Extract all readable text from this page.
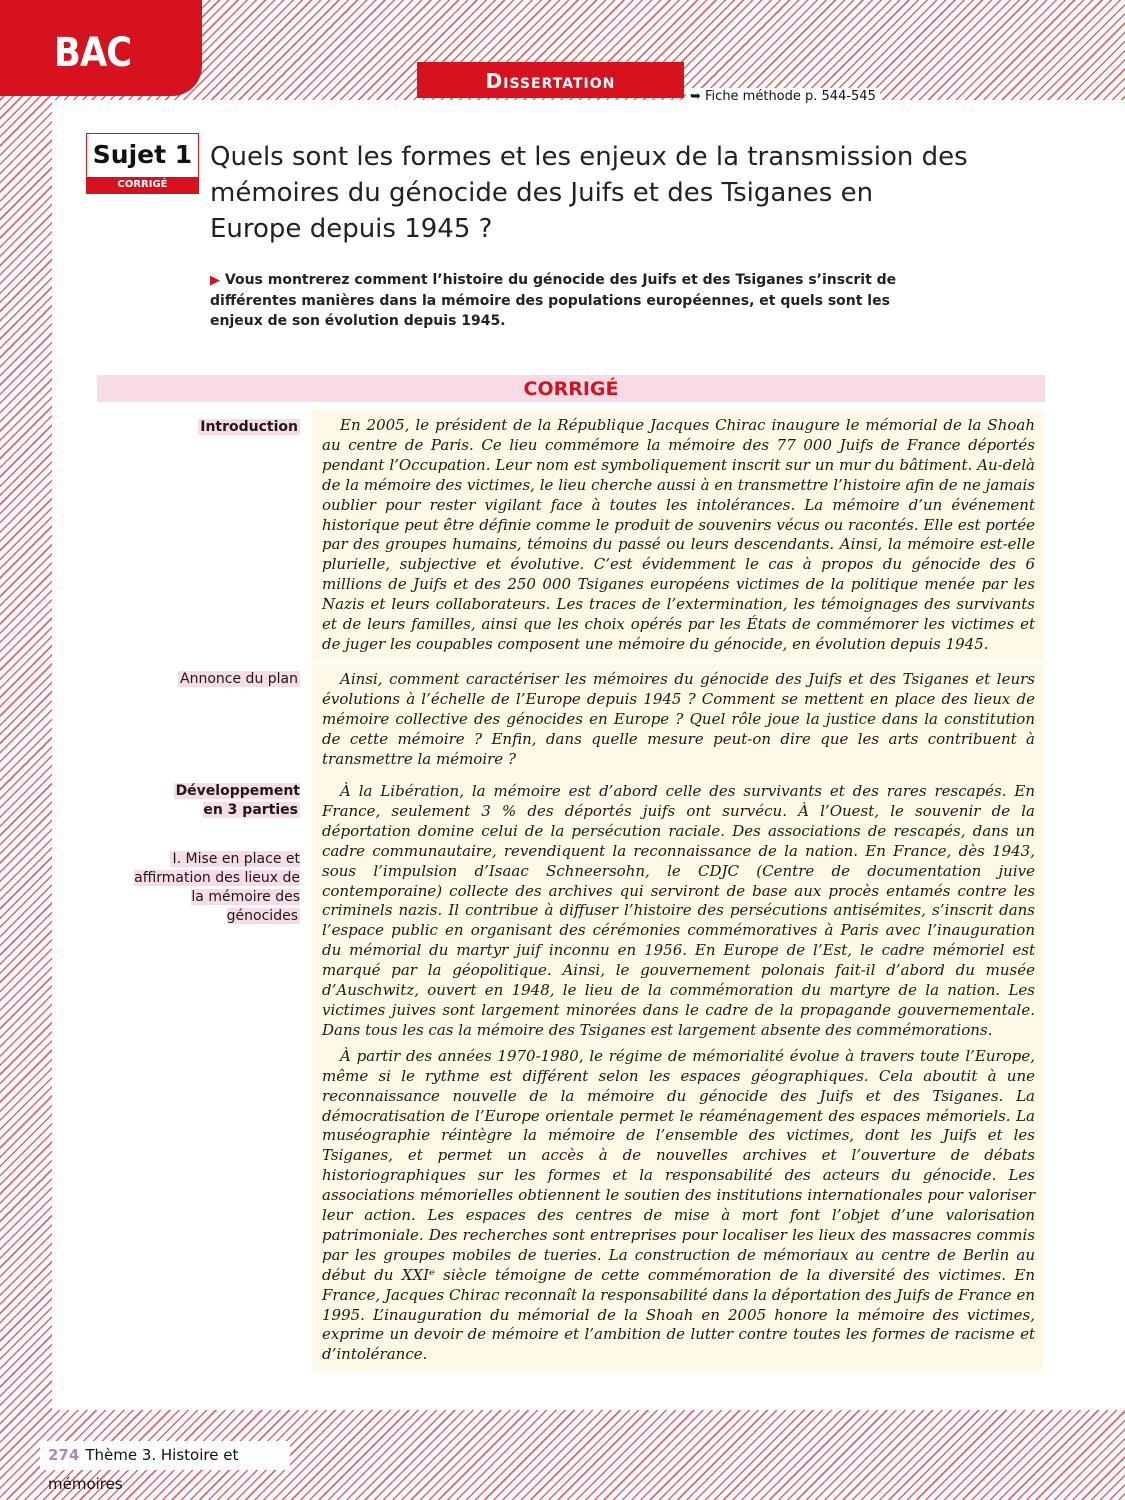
BAC
Dissertation
➥ Fiche méthode p. 544-545
Sujet 1
CORRIGÉ
Quels sont les formes et les enjeux de la transmission des mémoires du génocide des Juifs et des Tsiganes en Europe depuis 1945 ?
▶ Vous montrerez comment l’histoire du génocide des Juifs et des Tsiganes s’inscrit de différentes manières dans la mémoire des populations européennes, et quels sont les enjeux de son évolution depuis 1945.
CORRIGÉ
Introduction	En 2005, le président de la République Jacques Chirac inaugure le mémorial de la Shoah au centre de Paris. Ce lieu commémore la mémoire des 77 000 Juifs de France déportés pendant l’Occupation. Leur nom est symboliquement inscrit sur un mur du bâtiment. Au-delà de la mémoire des victimes, le lieu cherche aussi à en transmettre l’histoire afin de ne jamais oublier pour rester vigilant face à toutes les intolérances. La mémoire d’un événement historique peut être définie comme le produit de souvenirs vécus ou racontés. Elle est portée par des groupes humains, témoins du passé ou leurs descendants. Ainsi, la mémoire est-elle plurielle, subjective et évolutive. C’est évidemment le cas à propos du génocide des 6 millions de Juifs et des 250 000 Tsiganes européens victimes de la politique menée par les Nazis et leurs collaborateurs. Les traces de l’extermination, les témoignages des survivants et de leurs familles, ainsi que les choix opérés par les États de commémorer les victimes et de juger les coupables composent une mémoire du génocide, en évolution depuis 1945.

Annonce du plan	Ainsi, comment caractériser les mémoires du génocide des Juifs et des Tsiganes et leurs évolutions à l’échelle de l’Europe depuis 1945 ? Comment se mettent en place des lieux de mémoire collective des génocides en Europe ? Quel rôle joue la justice dans la constitution de cette mémoire ? Enfin, dans quelle mesure peut-on dire que les arts contribuent à transmettre la mémoire ?

Développement en 3 parties
I. Mise en place et affirmation des lieux de la mémoire des génocides

À la Libération, la mémoire est d’abord celle des survivants et des rares rescapés. En France, seulement 3 % des déportés juifs ont survécu. À l’Ouest, le souvenir de la déportation domine celui de la persécution raciale. Des associations de rescapés, dans un cadre communautaire, revendiquent la reconnaissance de la nation. En France, dès 1943, sous l’impulsion d’Isaac Schneersohn, le CDJC (Centre de documentation juive contemporaine) collecte des archives qui serviront de base aux procès entamés contre les criminels nazis. Il contribue à diffuser l’histoire des persécutions antisémites, s’inscrit dans l’espace public en organisant des cérémonies commémoratives à Paris avec l’inauguration du mémorial du martyr juif inconnu en 1956. En Europe de l’Est, le cadre mémoriel est marqué par la géopolitique. Ainsi, le gouvernement polonais fait-il d’abord du musée d’Auschwitz, ouvert en 1948, le lieu de la commémoration du martyre de la nation. Les victimes juives sont largement minorées dans le cadre de la propagande gouvernementale. Dans tous les cas la mémoire des Tsiganes est largement absente des commémorations.

À partir des années 1970-1980, le régime de mémorialité évolue à travers toute l’Europe, même si le rythme est différent selon les espaces géographiques. Cela aboutit à une reconnaissance nouvelle de la mémoire du génocide des Juifs et des Tsiganes. La démocratisation de l’Europe orientale permet le réaménagement des espaces mémoriels. La muséographie réintègre la mémoire de l’ensemble des victimes, dont les Juifs et les Tsiganes, et permet un accès à de nouvelles archives et l’ouverture de débats historiographiques sur les formes et la responsabilité des acteurs du génocide. Les associations mémorielles obtiennent le soutien des institutions internationales pour valoriser leur action. Les espaces des centres de mise à mort font l’objet d’une valorisation patrimoniale. Des recherches sont entreprises pour localiser les lieux des massacres commis par les groupes mobiles de tueries. La construction de mémoriaux au centre de Berlin au début du XXIᵉ siècle témoigne de cette commémoration de la diversité des victimes. En France, Jacques Chirac reconnaît la responsabilité dans la déportation des Juifs de France en 1995. L’inauguration du mémorial de la Shoah en 2005 honore la mémoire des victimes, exprime un devoir de mémoire et l’ambition de lutter contre toutes les formes de racisme et d’intolérance.

274 Thème 3. Histoire et mémoires
